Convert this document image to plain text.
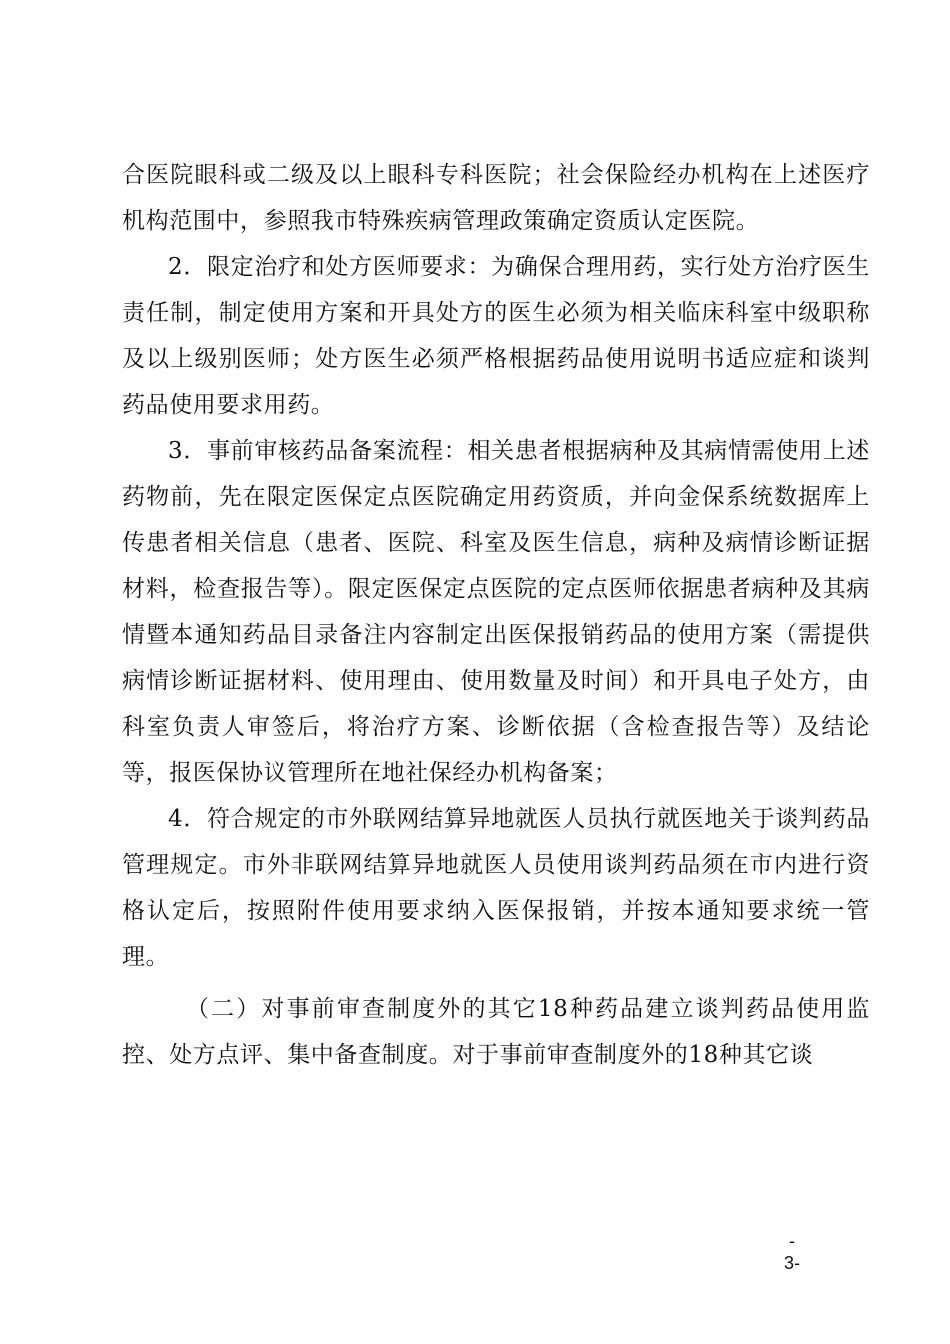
合医院眼科或二级及以上眼科专科医院；社会保险经办机构在上述医疗机构范围中，参照我市特殊疾病管理政策确定资质认定医院。

2．限定治疗和处方医师要求：为确保合理用药，实行处方治疗医生责任制，制定使用方案和开具处方的医生必须为相关临床科室中级职称及以上级别医师；处方医生必须严格根据药品使用说明书适应症和谈判药品使用要求用药。

3．事前审核药品备案流程：相关患者根据病种及其病情需使用上述药物前，先在限定医保定点医院确定用药资质，并向金保系统数据库上传患者相关信息（患者、医院、科室及医生信息，病种及病情诊断证据材料，检查报告等）。限定医保定点医院的定点医师依据患者病种及其病情暨本通知药品目录备注内容制定出医保报销药品的使用方案（需提供病情诊断证据材料、使用理由、使用数量及时间）和开具电子处方，由科室负责人审签后，将治疗方案、诊断依据（含检查报告等）及结论等，报医保协议管理所在地社保经办机构备案；

4．符合规定的市外联网结算异地就医人员执行就医地关于谈判药品管理规定。市外非联网结算异地就医人员使用谈判药品须在市内进行资格认定后，按照附件使用要求纳入医保报销，并按本通知要求统一管理。

（二）对事前审查制度外的其它18种药品建立谈判药品使用监控、处方点评、集中备查制度。对于事前审查制度外的18种其它谈

-
3-
